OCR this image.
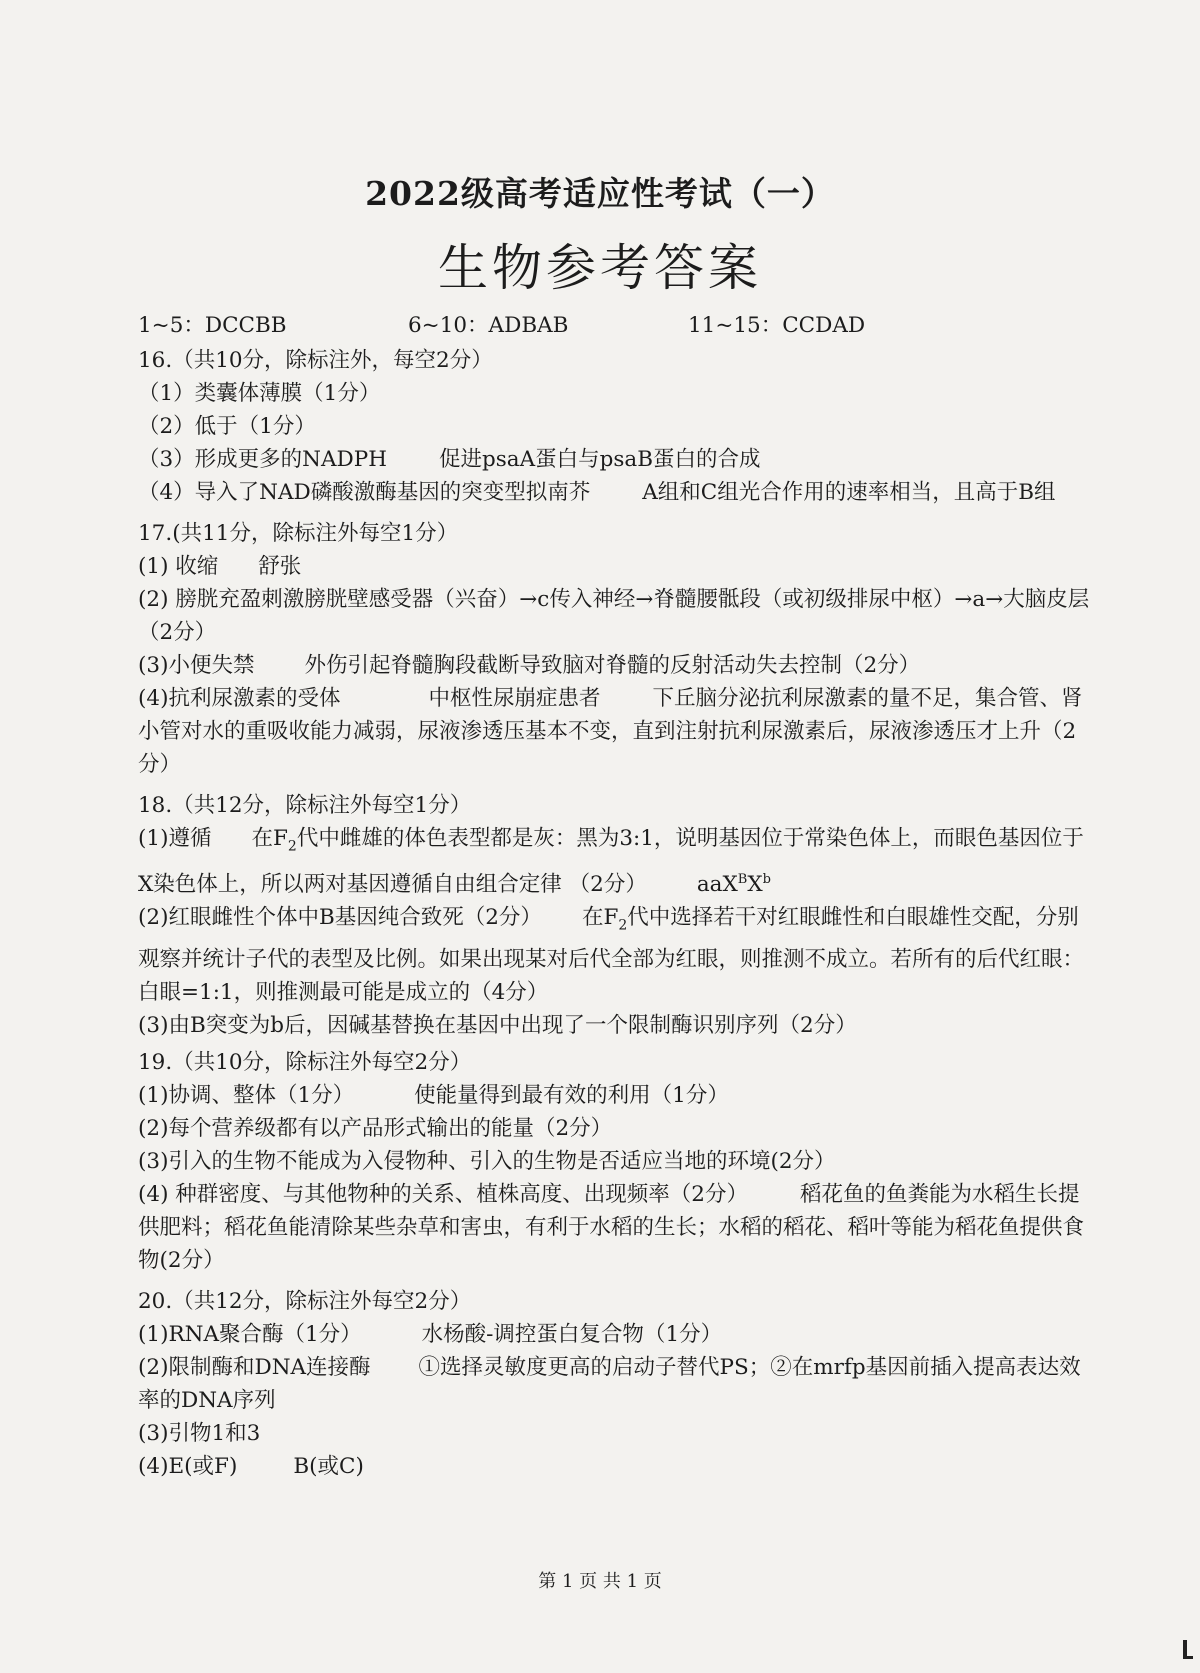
2022级高考适应性考试（一）
生物参考答案
1~5：DCCBB	6~10：ADBAB	11~15：CCDAD
16.（共10分，除标注外，每空2分）
（1）类囊体薄膜（1分）
（2）低于（1分）
（3）形成更多的NADPH 促进psaA蛋白与psaB蛋白的合成
（4）导入了NAD磷酸激酶基因的突变型拟南芥 A组和C组光合作用的速率相当，且高于B组
17.(共11分，除标注外每空1分）
(1) 收缩 舒张
(2) 膀胱充盈刺激膀胱壁感受器（兴奋）→c传入神经→脊髓腰骶段（或初级排尿中枢）→a→大脑皮层 （2分）
(3)小便失禁 外伤引起脊髓胸段截断导致脑对脊髓的反射活动失去控制（2分）
(4)抗利尿激素的受体	中枢性尿崩症患者 下丘脑分泌抗利尿激素的量不足，集合管、肾小管对水的重吸收能力减弱，尿液渗透压基本不变，直到注射抗利尿激素后，尿液渗透压才上升（2分）
18.（共12分，除标注外每空1分）
(1)遵循 在$F_2$代中雌雄的体色表型都是灰：黑为3:1，说明基因位于常染色体上，而眼色基因位于X染色体上，所以两对基因遵循自由组合定律 （2分） $aaX^BX^b$
(2)红眼雌性个体中B基因纯合致死（2分） 在$F_2$代中选择若干对红眼雌性和白眼雄性交配，分别观察并统计子代的表型及比例。如果出现某对后代全部为红眼，则推测不成立。若所有的后代红眼：白眼=1:1，则推测最可能是成立的（4分）
(3)由B突变为b后，因碱基替换在基因中出现了一个限制酶识别序列（2分）
19.（共10分，除标注外每空2分）
(1)协调、整体（1分）	使能量得到最有效的利用（1分）
(2)每个营养级都有以产品形式输出的能量（2分）
(3)引入的生物不能成为入侵物种、引入的生物是否适应当地的环境(2分）
(4) 种群密度、与其他物种的关系、植株高度、出现频率（2分） 稻花鱼的鱼粪能为水稻生长提供肥料；稻花鱼能清除某些杂草和害虫，有利于水稻的生长；水稻的稻花、稻叶等能为稻花鱼提供食物(2分）
20.（共12分，除标注外每空2分）
(1)RNA聚合酶（1分）	水杨酸-调控蛋白复合物（1分）
(2)限制酶和DNA连接酶 ①选择灵敏度更高的启动子替代PS；②在mrfp基因前插入提高表达效率的DNA序列
(3)引物1和3
(4)E(或F)	B(或C)
第 1 页 共 1 页
